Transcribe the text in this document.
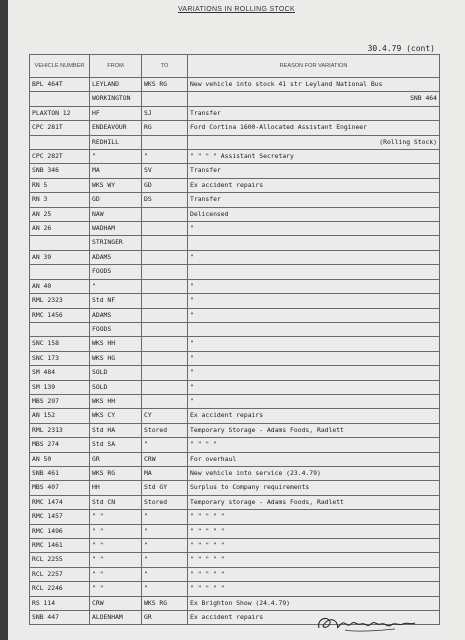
VARIATIONS IN ROLLING STOCK
30.4.79 (cont)
VEHICLE NUMBER	FROM	TO	REASON FOR VARIATION
BPL 464T	LEYLAND	WKS RG	New vehicle into stock 41 str Leyland National Bus
	WORKINGTON		SNB 464
PLAXTON 12	HF	SJ	Transfer
CPC 281T	ENDEAVOUR	RG	Ford Cortina 1600-Allocated Assistant Engineer
	REDHILL		(Rolling Stock)
CPC 282T	"	"	" " " " Assistant Secretary
SNB 346	MA	SV	Transfer
RN 5	WKS WY	GD	Ex accident repairs
RN 3	GD	DS	Transfer
AN 25	NAW		Delicensed
AN 26	WADHAM		"
	STRINGER		
AN 39	ADAMS		"
	FOODS		
AN 40	"		"
RML 2323	Std NF		"
RMC 1456	ADAMS		"
	FOODS		
SNC 158	WKS HH		"
SNC 173	WKS HG		"
SM 484	SOLD		"
SM 139	SOLD		"
MBS 297	WKS HH		"
AN 152	WKS CY	CY	Ex accident repairs
RML 2313	Std HA	Stored	Temporary Storage - Adams Foods, Radlett
MBS 274	Std SA	"	" " " "
AN 50	GR	CRW	For overhaul
SNB 461	WKS RG	MA	New vehicle into service (23.4.79)
MBS 407	HH	Std GY	Surplus to Company requirements
RMC 1474	Std CN	Stored	Temporary storage - Adams Foods, Radlett
RMC 1457	" "	"	" " " " "
RMC 1496	" "	"	" " " " "
RMC 1461	" "	"	" " " " "
RCL 2255	" "	"	" " " " "
RCL 2257	" "	"	" " " " "
RCL 2246	" "	"	" " " " "
RS 114	CRW	WKS RG	Ex Brighton Show (24.4.79)
SNB 447	ALDENHAM	GR	Ex accident repairs
